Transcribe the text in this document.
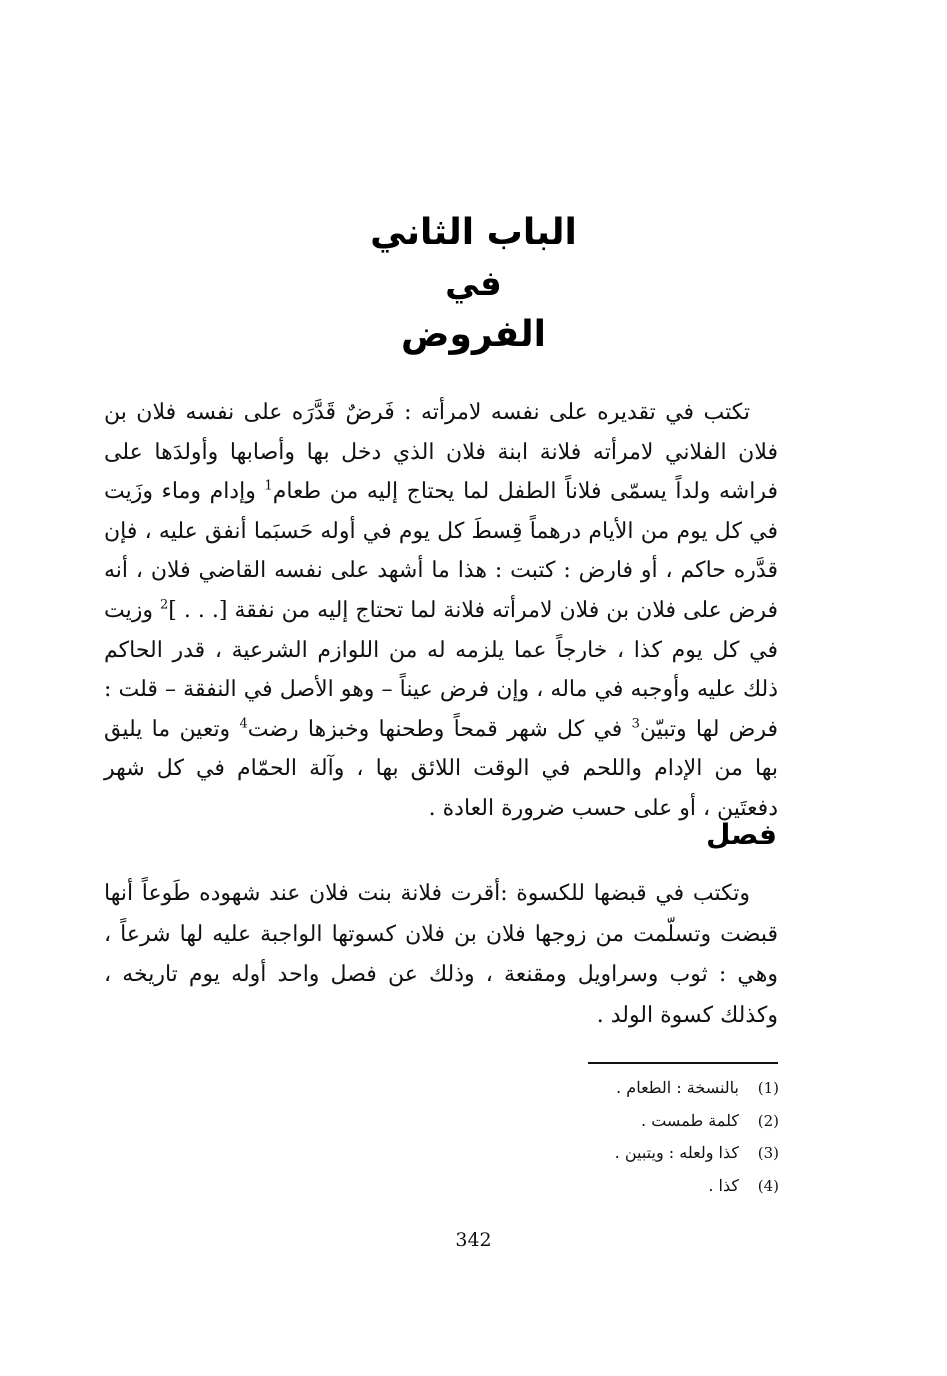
الباب الثاني
في
الفروض

تكتب في تقديره على نفسه لامرأته : فَرضٌ قَدَّرَه على نفسه فلان بن فلان الفلاني لامرأته فلانة ابنة فلان الذي دخل بها وأصابها وأولدَها على فراشه ولداً يسمّى فلاناً الطفل لما يحتاج إليه من طعام$^1$ وإدام وماء وزَيت في كل يوم من الأيام درهماً قِسطَ كل يوم في أوله حَسبَما أنفق عليه ، فإن قدَّره حاكم ، أو فارض : كتبت : هذا ما أشهد على نفسه القاضي فلان ، أنه فرض على فلان بن فلان لامرأته فلانة لما تحتاج إليه من نفقة [. . . ]$^2$ وزيت في كل يوم كذا ، خارجاً عما يلزمه له من اللوازم الشرعية ، قدر الحاكم ذلك عليه وأوجبه في ماله ، وإن فرض عيناً – وهو الأصل في النفقة – قلت : فرض لها وتبيّن$^3$ في كل شهر قمحاً وطحنها وخبزها رضت$^4$ وتعين ما يليق بها من الإدام واللحم في الوقت اللائق بها ، وآلة الحمّام في كل شهر دفعتَين ، أو على حسب ضرورة العادة .

فصل

وتكتب في قبضها للكسوة :أقرت فلانة بنت فلان عند شهوده طَوعاً أنها قبضت وتسلّمت من زوجها فلان بن فلان كسوتها الواجبة عليه لها شرعاً ، وهي : ثوب وسراويل ومقنعة ، وذلك عن فصل واحد أوله يوم تاريخه ، وكذلك كسوة الولد .

(1)بالنسخة : الطعام .
(2)كلمة طمست .
(3)كذا ولعله : ويتبين .
(4)كذا .
342
